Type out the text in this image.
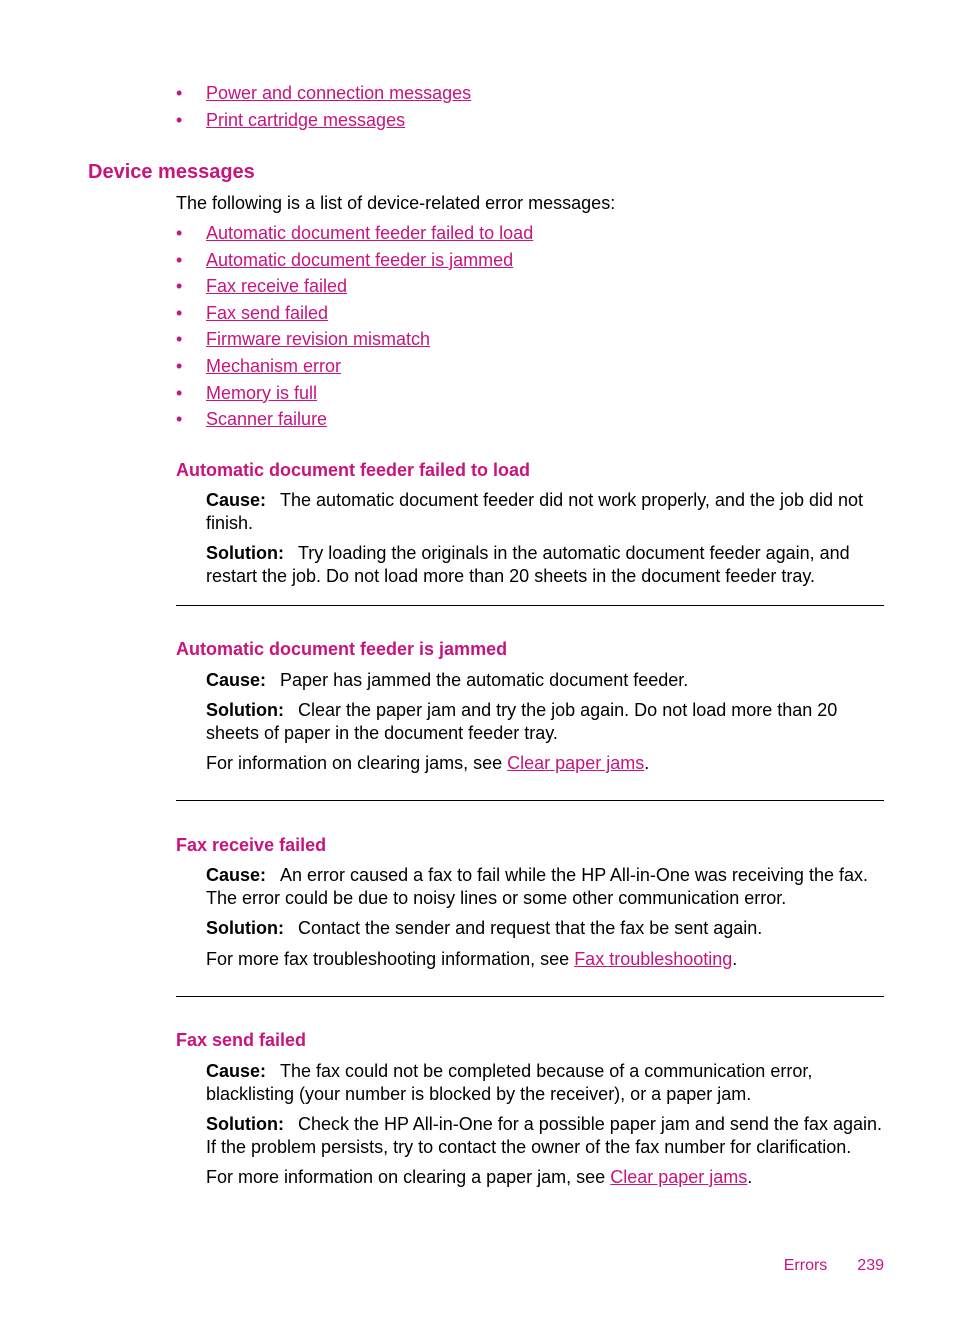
• Power and connection messages
• Print cartridge messages
Device messages
The following is a list of device-related error messages:
• Automatic document feeder failed to load
• Automatic document feeder is jammed
• Fax receive failed
• Fax send failed
• Firmware revision mismatch
• Mechanism error
• Memory is full
• Scanner failure
Automatic document feeder failed to load
Cause: The automatic document feeder did not work properly, and the job did not finish.
Solution: Try loading the originals in the automatic document feeder again, and restart the job. Do not load more than 20 sheets in the document feeder tray.
Automatic document feeder is jammed
Cause: Paper has jammed the automatic document feeder.
Solution: Clear the paper jam and try the job again. Do not load more than 20 sheets of paper in the document feeder tray.
For information on clearing jams, see Clear paper jams.
Fax receive failed
Cause: An error caused a fax to fail while the HP All-in-One was receiving the fax. The error could be due to noisy lines or some other communication error.
Solution: Contact the sender and request that the fax be sent again.
For more fax troubleshooting information, see Fax troubleshooting.
Fax send failed
Cause: The fax could not be completed because of a communication error, blacklisting (your number is blocked by the receiver), or a paper jam.
Solution: Check the HP All-in-One for a possible paper jam and send the fax again. If the problem persists, try to contact the owner of the fax number for clarification.
For more information on clearing a paper jam, see Clear paper jams.
Errors 239
